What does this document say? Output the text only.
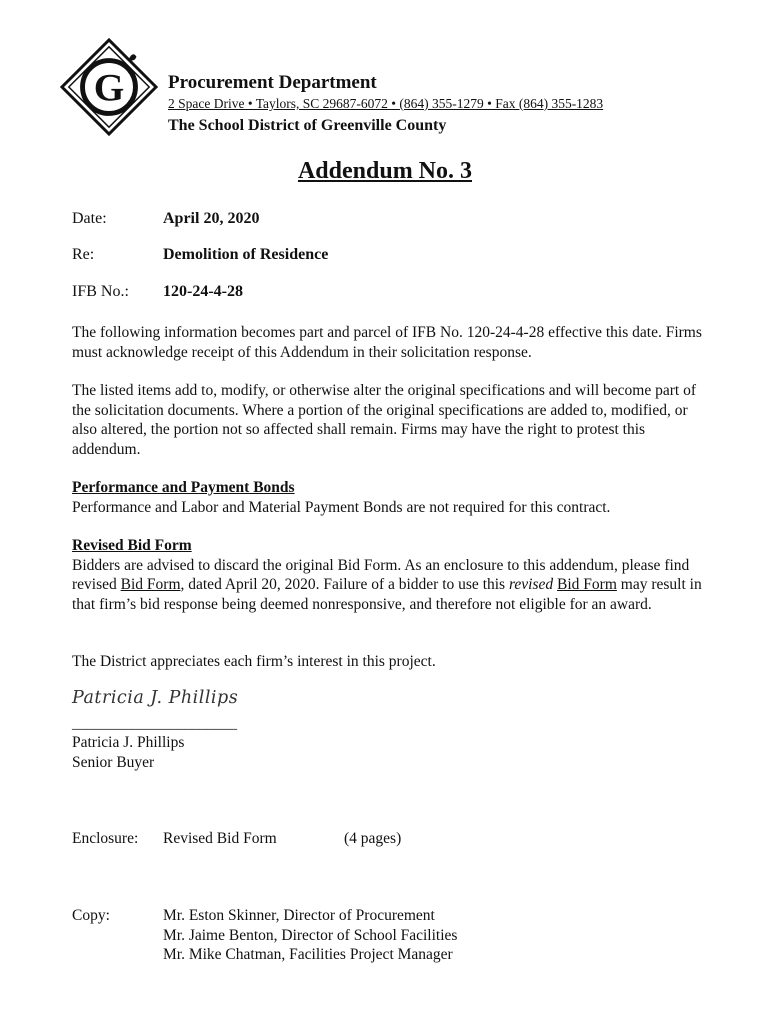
G Procurement Department
2 Space Drive • Taylors, SC 29687-6072 • (864) 355-1279 • Fax (864) 355-1283
The School District of Greenville County
Addendum No. 3
Date:	April 20, 2020
Re:	Demolition of Residence
IFB No.: 120-24-4-28

The following information becomes part and parcel of IFB No. 120-24-4-28 effective this date. Firms must acknowledge receipt of this Addendum in their solicitation response.

The listed items add to, modify, or otherwise alter the original specifications and will become part of the solicitation documents. Where a portion of the original specifications are added to, modified, or also altered, the portion not so affected shall remain. Firms may have the right to protest this addendum.

Performance and Payment Bonds
Performance and Labor and Material Payment Bonds are not required for this contract.
Revised Bid Form
Bidders are advised to discard the original Bid Form. As an enclosure to this addendum, please find revised Bid Form, dated April 20, 2020. Failure of a bidder to use this revised Bid Form may result in that firm’s bid response being deemed nonresponsive, and therefore not eligible for an award.

The District appreciates each firm’s interest in this project.

Patricia J. Phillips
______________________
Patricia J. Phillips
Senior Buyer
Enclosure: Revised Bid Form	(4 pages)
Copy:	Mr. Eston Skinner, Director of Procurement
Mr. Jaime Benton, Director of School Facilities
Mr. Mike Chatman, Facilities Project Manager
